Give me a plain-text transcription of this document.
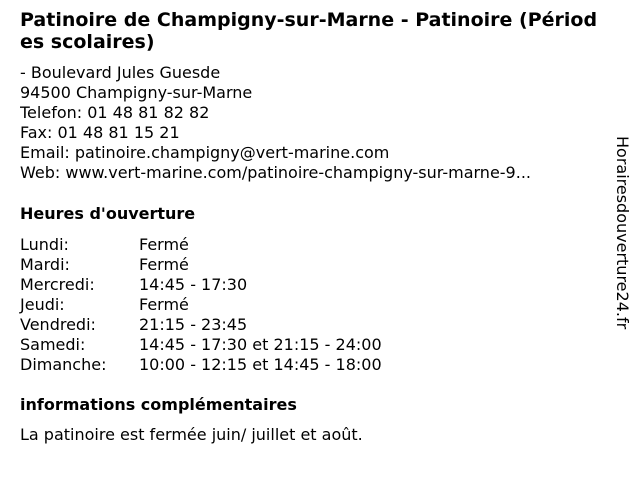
Patinoire de Champigny-sur-Marne - Patinoire (Périodes scolaires)
- Boulevard Jules Guesde
94500 Champigny-sur-Marne
Telefon: 01 48 81 82 82
Fax: 01 48 81 15 21
Email: patinoire.champigny@vert-marine.com
Web: www.vert-marine.com/patinoire-champigny-sur-marne-9...
Heures d'ouverture
Lundi:	Fermé
Mardi:	Fermé
Mercredi:	14:45 - 17:30
Jeudi:	Fermé
Vendredi:	21:15 - 23:45
Samedi:	14:45 - 17:30 et 21:15 - 24:00
Dimanche:	10:00 - 12:15 et 14:45 - 18:00
informations complémentaires
La patinoire est fermée juin/ juillet et août.
Horairesdouverture24.fr
